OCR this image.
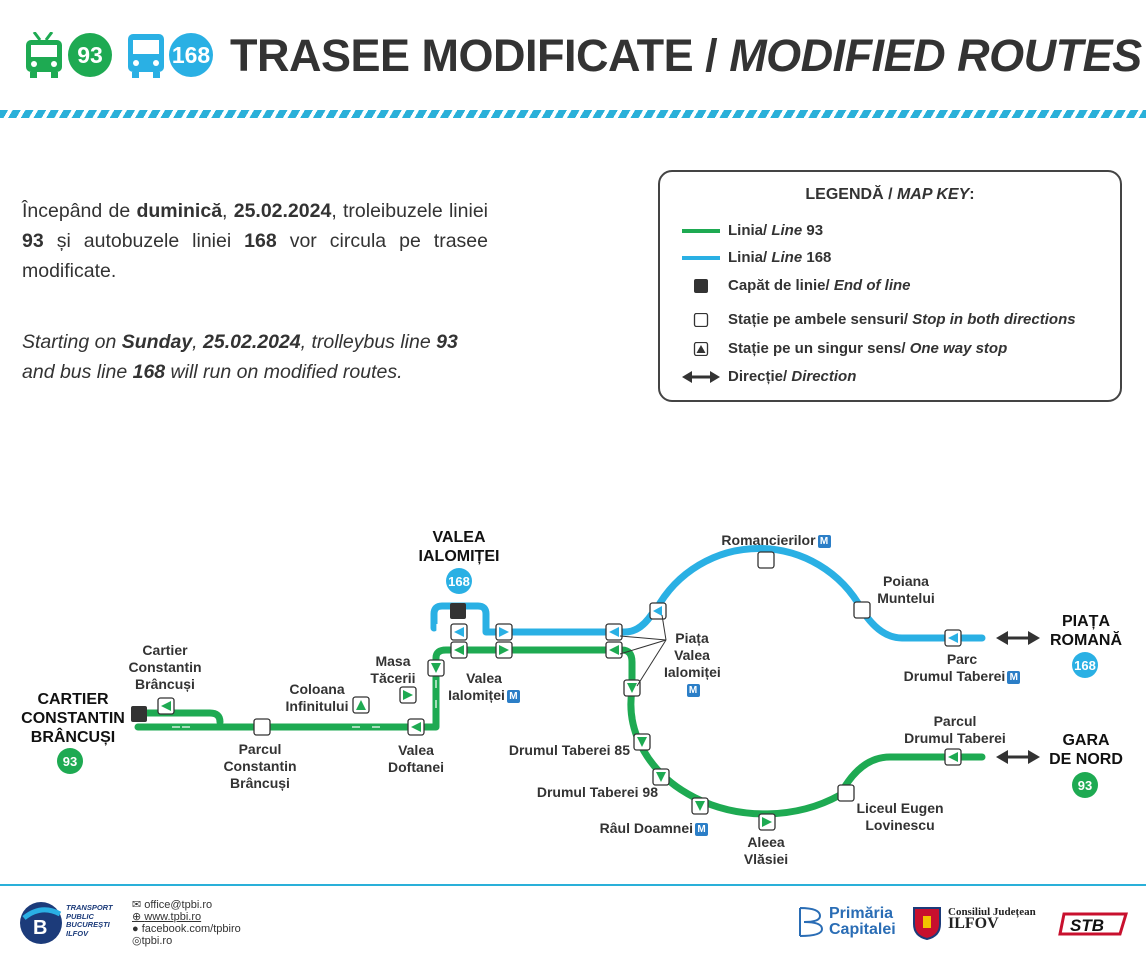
93	168 TRASEE MODIFICATE / MODIFIED ROUTES
Începând de duminică, 25.02.2024, troleibuzele liniei 93 și autobuzele liniei 168 vor circula pe trasee modificate.
Starting on Sunday, 25.02.2024, trolleybus line 93 and bus line 168 will run on modified routes.
LEGENDĂ / MAP KEY:
Linia/ Line 93
Linia/ Line 168
Capăt de linie/ End of line
Stație pe ambele sensuri/ Stop in both directions
Stație pe un singur sens/ One way stop
Direcție/ Direction
CARTIER
CONSTANTIN
BRÂNCUȘI
93
VALEA
IALOMIȚEI
168
PIAȚA
ROMANĂ
168
GARA
DE NORD
93
Cartier
Constantin
Brâncuși
Parcul
Constantin
Brâncuși
Coloana
Infinitului
Masa
Tăcerii
Valea
Doftanei
Valea
Ialomiței M
Piața
Valea
Ialomiței
M
Romancierilor M
Poiana
Muntelui
Parc
Drumul Taberei M
Parcul
Drumul Taberei
Liceul Eugen
Lovinescu
Aleea
Vlăsiei
Râul Doamnei M
Drumul Taberei 98
Drumul Taberei 85
B
TRANSPORT
PUBLIC
BUCUREȘTI
ILFOV
✉ office@tpbi.ro
⊕ www.tpbi.ro
● facebook.com/tpbiro
◎tpbi.ro
Primăria
Capitalei
Consiliul Județean
ILFOV	STB
